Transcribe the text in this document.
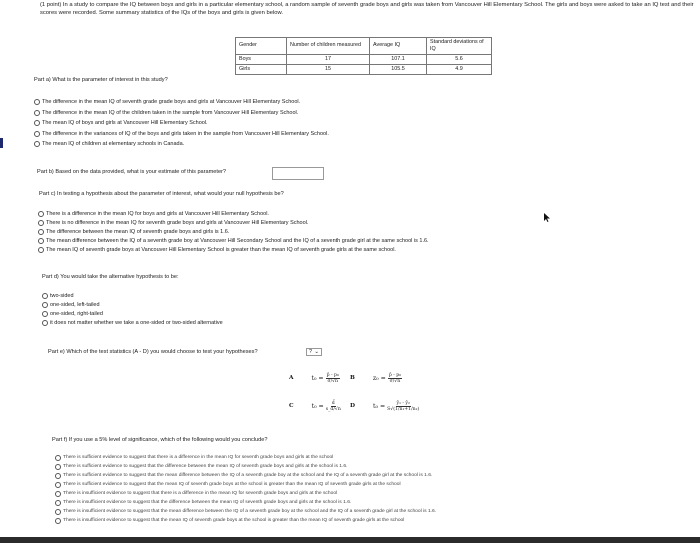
(1 point) In a study to compare the IQ between boys and girls in a particular elementary school, a random sample of seventh grade boys and girls was taken from Vancouver Hill Elementary School. The girls and boys were asked to take an IQ test and their scores were recorded. Some summary statistics of the IQs of the boys and girls is given below.
Gender	Number of children measured	Average IQ	Standard deviations of IQ
Boys	17	107.1	5.6
Girls	15	105.5	4.9
Part a) What is the parameter of interest in this study?
The difference in the mean IQ of seventh grade grade boys and girls at Vancouver Hill Elementary School.
The difference in the mean IQ of the children taken in the sample from Vancouver Hill Elementary School.
The mean IQ of boys and girls at Vancouver Hill Elementary School.
The difference in the variances of IQ of the boys and girls taken in the sample from Vancouver Hill Elementary School.
The mean IQ of children at elementary schools in Canada.
Part b) Based on the data provided, what is your estimate of this parameter?
Part c) In testing a hypothesis about the parameter of interest, what would your null hypothesis be?
There is a difference in the mean IQ for boys and girls at Vancouver Hill Elementary School.
There is no difference in the mean IQ for seventh grade boys and girls at Vancouver Hill Elementary School.
The difference between the mean IQ of seventh grade boys and girls is 1.6.
The mean difference between the IQ of a seventh grade boy at Vancouver Hill Secondary School and the IQ of a seventh grade girl at the same school is 1.6.
The mean IQ of seventh grade boys at Vancouver Hill Elementary School is greater than the mean IQ of seventh grade girls at the same school.
Part d) You would take the alternative hypothesis to be:
two-sided
one-sided, left-tailed
one-sided, right-tailed
it does not matter whether we take a one-sided or two-sided alternative
Part e) Which of the test statistics (A - D) you would choose to test your hypotheses?	? ⌄
A	$t_0 = \frac{\text{p̂ - p₀}}{\sigma/√n}$ B	$z_0 = \frac{\text{p̂ - p₀}}{\sigma/√n}$
C	$t_0 = \frac{d̄}{s\_d/√n}$ D	$t_0 = \frac{\text{ȳ₁ - ȳ₂}}{\text{S√(1/n₁+1/n₂)}}$
Part f) If you use a 5% level of significance, which of the following would you conclude?
There is sufficient evidence to suggest that there is a difference in the mean IQ for seventh grade boys and girls at the school
There is sufficient evidence to suggest that the difference between the mean IQ of seventh grade boys and girls at the school is 1.6.
There is sufficient evidence to suggest that the mean difference between the IQ of a seventh grade boy at the school and the IQ of a seventh grade girl at the school is 1.6.
There is sufficient evidence to suggest that the mean IQ of seventh grade boys at the school is greater than the mean IQ of seventh grade girls at the school
There is insufficient evidence to suggest that there is a difference in the mean IQ for seventh grade boys and girls at the school
There is insufficient evidence to suggest that the difference between the mean IQ of seventh grade boys and girls at the school is 1.6.
There is insufficient evidence to suggest that the mean difference between the IQ of a seventh grade boy at the school and the IQ of a seventh grade girl at the school is 1.6.
There is insufficient evidence to suggest that the mean IQ of seventh grade boys at the school is greater than the mean IQ of seventh grade girls at the school
